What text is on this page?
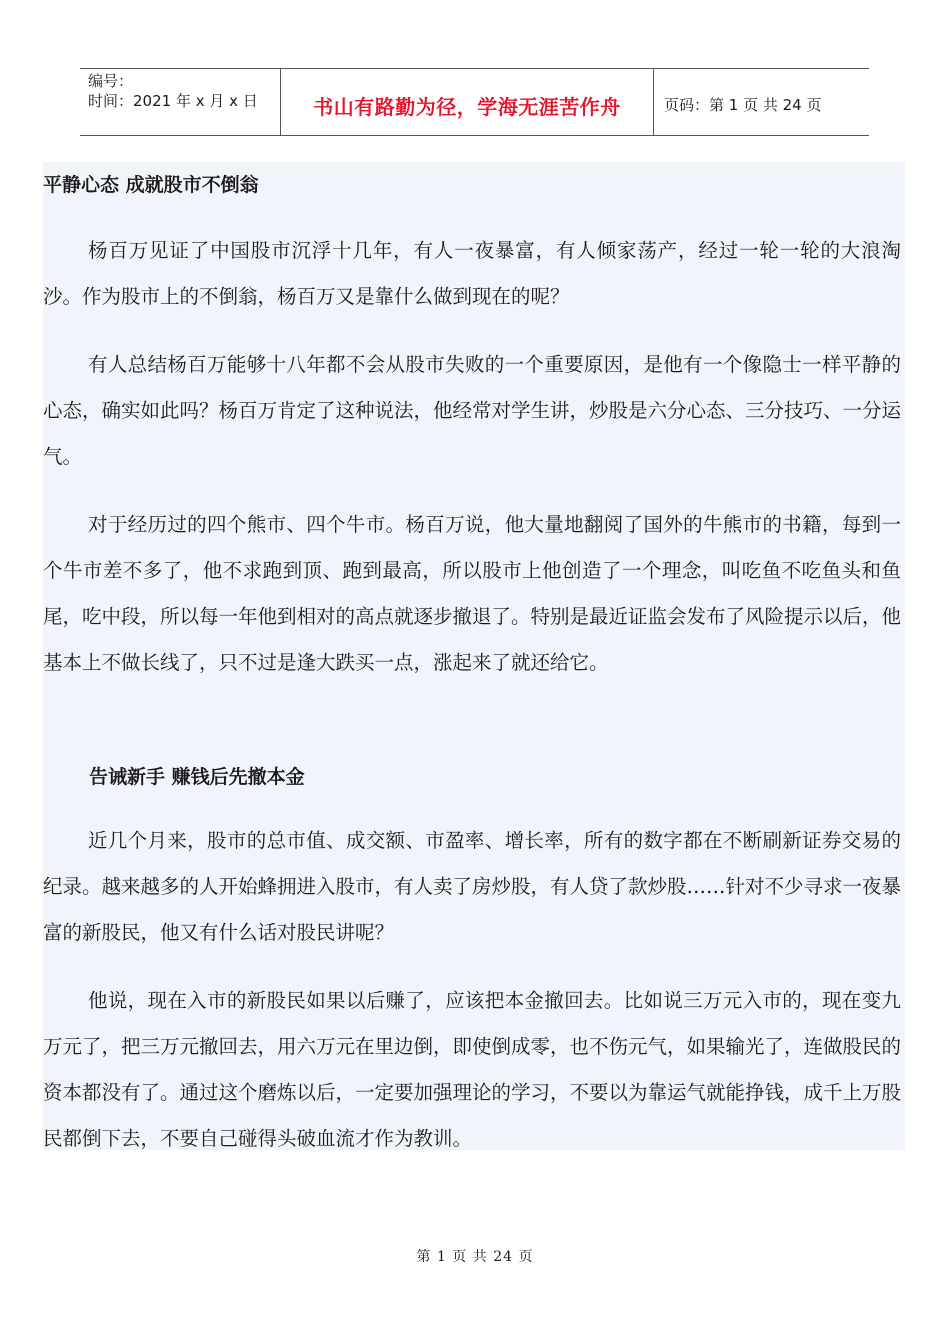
编号：
时间：2021 年 x 月 x 日	书山有路勤为径，学海无涯苦作舟	页码：第 1 页 共 24 页
平静心态 成就股市不倒翁

杨百万见证了中国股市沉浮十几年，有人一夜暴富，有人倾家荡产，经过一轮一轮的大浪淘沙。作为股市上的不倒翁，杨百万又是靠什么做到现在的呢？

有人总结杨百万能够十八年都不会从股市失败的一个重要原因，是他有一个像隐士一样平静的心态，确实如此吗？杨百万肯定了这种说法，他经常对学生讲，炒股是六分心态、三分技巧、一分运气。

对于经历过的四个熊市、四个牛市。杨百万说，他大量地翻阅了国外的牛熊市的书籍，每到一个牛市差不多了，他不求跑到顶、跑到最高，所以股市上他创造了一个理念，叫吃鱼不吃鱼头和鱼尾，吃中段，所以每一年他到相对的高点就逐步撤退了。特别是最近证监会发布了风险提示以后，他基本上不做长线了，只不过是逢大跌买一点，涨起来了就还给它。

告诫新手 赚钱后先撤本金

近几个月来，股市的总市值、成交额、市盈率、增长率，所有的数字都在不断刷新证券交易的纪录。越来越多的人开始蜂拥进入股市，有人卖了房炒股，有人贷了款炒股……针对不少寻求一夜暴富的新股民，他又有什么话对股民讲呢？

他说，现在入市的新股民如果以后赚了，应该把本金撤回去。比如说三万元入市的，现在变九万元了，把三万元撤回去，用六万元在里边倒，即使倒成零，也不伤元气，如果输光了，连做股民的资本都没有了。通过这个磨炼以后，一定要加强理论的学习，不要以为靠运气就能挣钱，成千上万股民都倒下去，不要自己碰得头破血流才作为教训。

第 1 页 共 24 页
